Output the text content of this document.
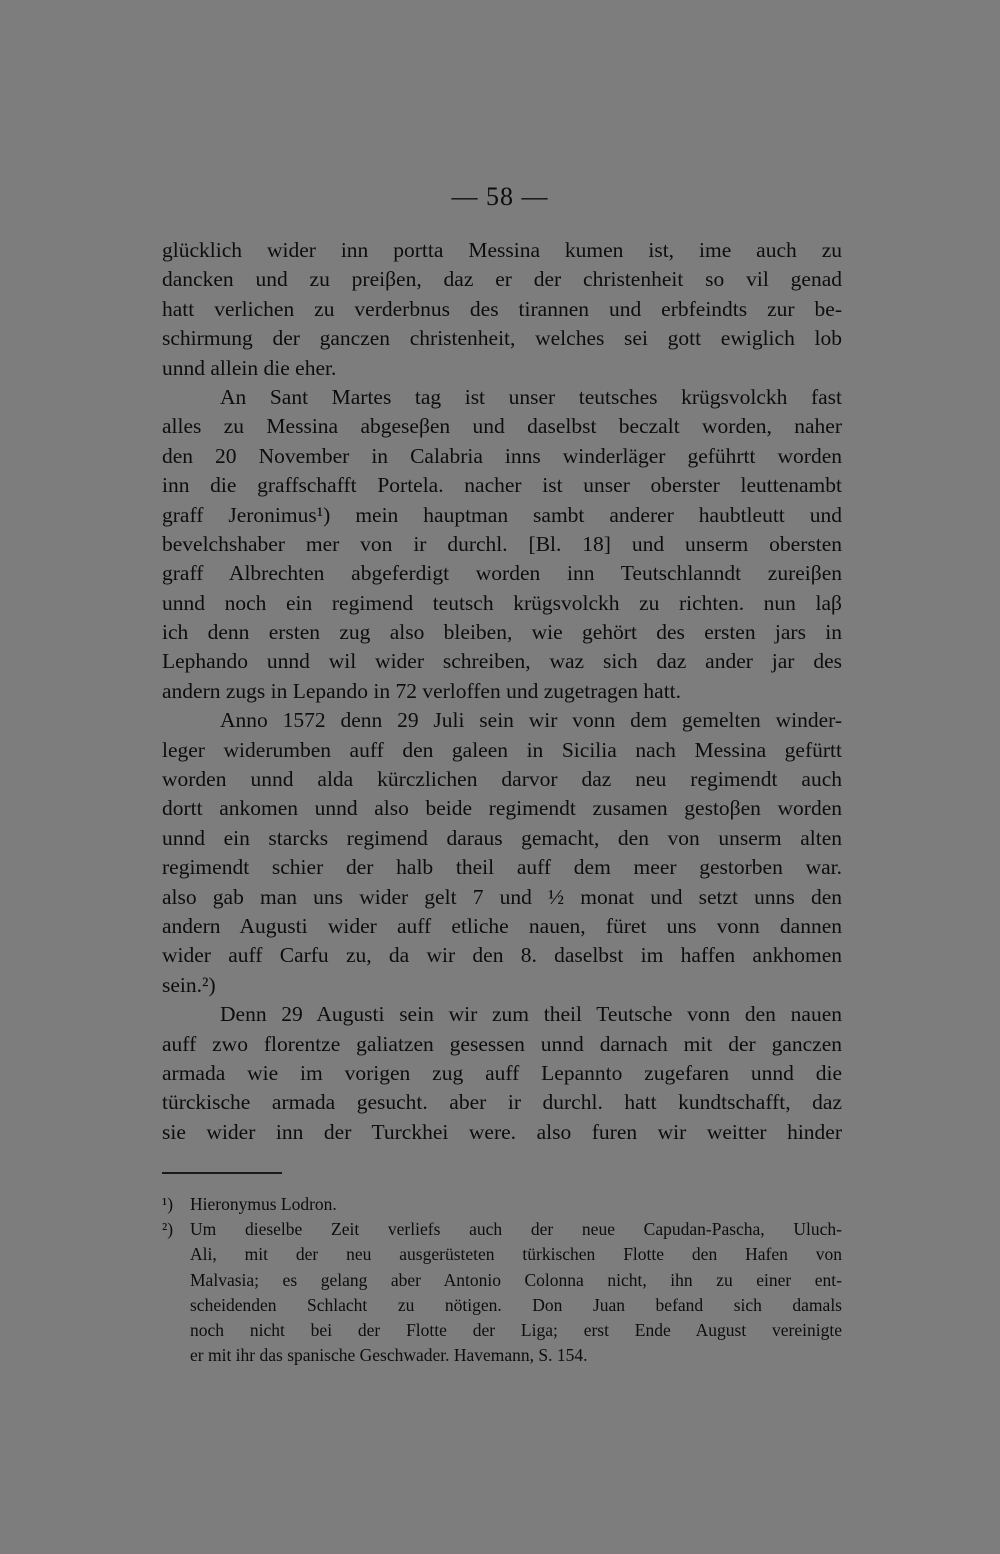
— 58 —
glücklich wider inn portta Messina kumen ist, ime auch zu
dancken und zu preiβen, daz er der christenheit so vil genad
hatt verlichen zu verderbnus des tirannen und erbfeindts zur be-
schirmung der ganczen christenheit, welches sei gott ewiglich lob
unnd allein die eher.
An Sant Martes tag ist unser teutsches krügsvolckh fast
alles zu Messina abgeseβen und daselbst beczalt worden, naher
den 20 November in Calabria inns winderläger geführtt worden
inn die graffschafft Portela. nacher ist unser oberster leuttenambt
graff Jeronimus¹) mein hauptman sambt anderer haubtleutt und
bevelchshaber mer von ir durchl. [Bl. 18] und unserm obersten
graff Albrechten abgeferdigt worden inn Teutschlanndt zureiβen
unnd noch ein regimend teutsch krügsvolckh zu richten. nun laβ
ich denn ersten zug also bleiben, wie gehört des ersten jars in
Lephando unnd wil wider schreiben, waz sich daz ander jar des
andern zugs in Lepando in 72 verloffen und zugetragen hatt.
Anno 1572 denn 29 Juli sein wir vonn dem gemelten winder-
leger widerumben auff den galeen in Sicilia nach Messina gefürtt
worden unnd alda kürczlichen darvor daz neu regimendt auch
dortt ankomen unnd also beide regimendt zusamen gestoβen worden
unnd ein starcks regimend daraus gemacht, den von unserm alten
regimendt schier der halb theil auff dem meer gestorben war.
also gab man uns wider gelt 7 und ½ monat und setzt unns den
andern Augusti wider auff etliche nauen, füret uns vonn dannen
wider auff Carfu zu, da wir den 8. daselbst im haffen ankhomen
sein.²)
Denn 29 Augusti sein wir zum theil Teutsche vonn den nauen
auff zwo florentze galiatzen gesessen unnd darnach mit der ganczen
armada wie im vorigen zug auff Lepannto zugefaren unnd die
türckische armada gesucht. aber ir durchl. hatt kundtschafft, daz
sie wider inn der Turckhei were. also furen wir weitter hinder
¹) Hieronymus Lodron.
²) Um dieselbe Zeit verliefs auch der neue Capudan-Pascha, Uluch-
Ali, mit der neu ausgerüsteten türkischen Flotte den Hafen von
Malvasia; es gelang aber Antonio Colonna nicht, ihn zu einer ent-
scheidenden Schlacht zu nötigen. Don Juan befand sich damals
noch nicht bei der Flotte der Liga; erst Ende August vereinigte
er mit ihr das spanische Geschwader. Havemann, S. 154.
